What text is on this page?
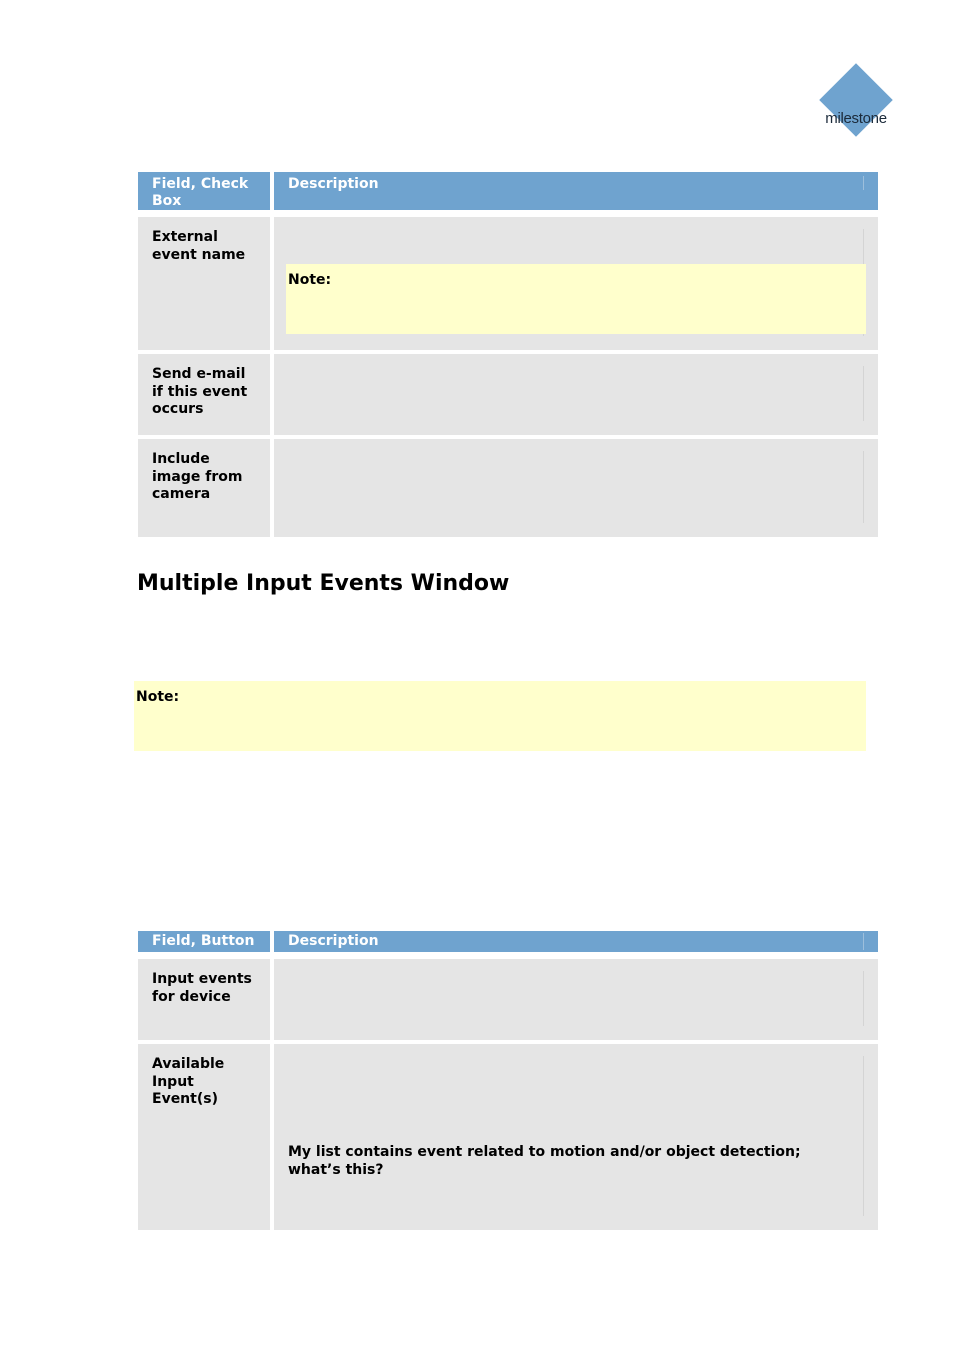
milestone
Field, Check Box
Description
External event name
Note:
Send e-mail if this event occurs
Include image from camera
Multiple Input Events Window
Note:
Field, Button	Description
Input events for device
Available Input Event(s)
My list contains event related to motion and/or object detection; what’s this?
